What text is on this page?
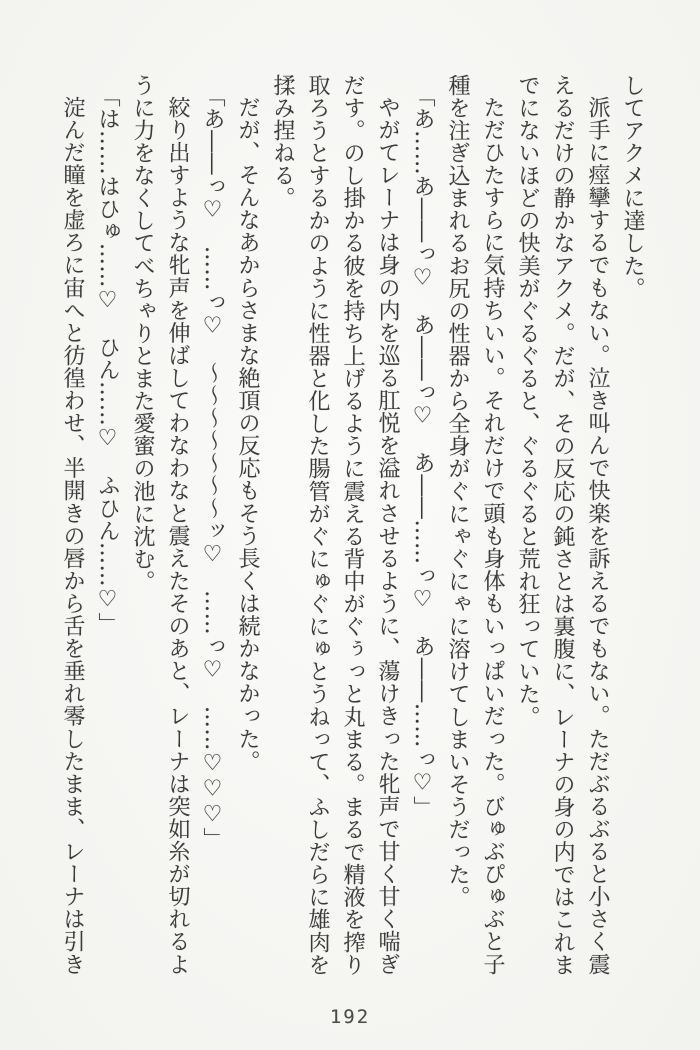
してアクメに達した。
派手に痙攣するでもない。泣き叫んで快楽を訴えるでもない。ただぶるぶると小さく震
えるだけの静かなアクメ。だが、その反応の鈍さとは裏腹に、レーナの身の内ではこれま
でにないほどの快美がぐるぐると、ぐるぐると荒れ狂っていた。
ただひたすらに気持ちいい。それだけで頭も身体もいっぱいだった。びゅぶぴゅぶと子
種を注ぎ込まれるお尻の性器から全身がぐにゃぐにゃに溶けてしまいそうだった。
「あ……あ――っ♡　あ――っ♡　あ――……っ♡　あ――……っ♡」
やがてレーナは身の内を巡る肛悦を溢れさせるように、蕩けきった牝声で甘く甘く喘ぎ
だす。のし掛かる彼を持ち上げるように震える背中がぐぅっと丸まる。まるで精液を搾り
取ろうとするかのように性器と化した腸管がぐにゅぐにゅとうねって、ふしだらに雄肉を
揉み捏ねる。
だが、そんなあからさまな絶頂の反応もそう長くは続かなかった。
「あ――っ♡　……っ♡　～～～～～～～ッ♡　……っ♡　……♡♡♡」
絞り出すような牝声を伸ばしてわなわなと震えたそのあと、レーナは突如糸が切れるよ
うに力をなくしてべちゃりとまた愛蜜の池に沈む。
「は……はひゅ……♡　ひん……♡　ふひん……♡」
淀んだ瞳を虚ろに宙へと彷徨わせ、半開きの唇から舌を垂れ零したまま、レーナは引き
192
